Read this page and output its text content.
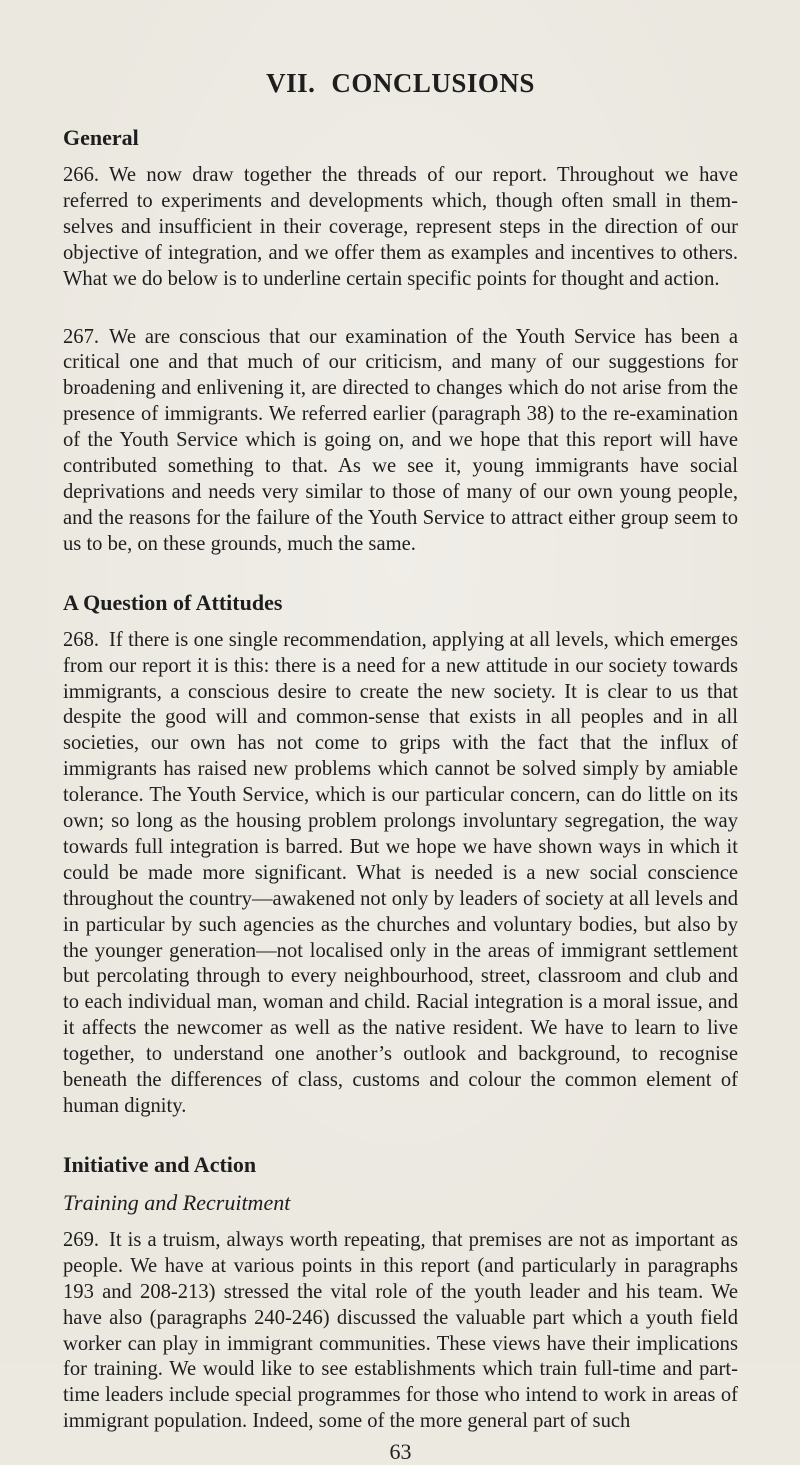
VII. CONCLUSIONS
General

266. We now draw together the threads of our report. Throughout we have referred to experiments and developments which, though often small in themselves and insufficient in their coverage, represent steps in the direction of our objective of integration, and we offer them as examples and incentives to others. What we do below is to underline certain specific points for thought and action.

267. We are conscious that our examination of the Youth Service has been a critical one and that much of our criticism, and many of our suggestions for broadening and enlivening it, are directed to changes which do not arise from the presence of immigrants. We referred earlier (paragraph 38) to the re-examination of the Youth Service which is going on, and we hope that this report will have contributed something to that. As we see it, young immigrants have social deprivations and needs very similar to those of many of our own young people, and the reasons for the failure of the Youth Service to attract either group seem to us to be, on these grounds, much the same.

A Question of Attitudes

268. If there is one single recommendation, applying at all levels, which emerges from our report it is this: there is a need for a new attitude in our society towards immigrants, a conscious desire to create the new society. It is clear to us that despite the good will and common-sense that exists in all peoples and in all societies, our own has not come to grips with the fact that the influx of immigrants has raised new problems which cannot be solved simply by amiable tolerance. The Youth Service, which is our particular concern, can do little on its own; so long as the housing problem prolongs involuntary segregation, the way towards full integration is barred. But we hope we have shown ways in which it could be made more significant. What is needed is a new social conscience throughout the country—awakened not only by leaders of society at all levels and in particular by such agencies as the churches and voluntary bodies, but also by the younger generation—not localised only in the areas of immigrant settlement but percolating through to every neighbourhood, street, classroom and club and to each individual man, woman and child. Racial integration is a moral issue, and it affects the newcomer as well as the native resident. We have to learn to live together, to understand one another’s outlook and background, to recognise beneath the differences of class, customs and colour the common element of human dignity.

Initiative and Action
Training and Recruitment

269. It is a truism, always worth repeating, that premises are not as important as people. We have at various points in this report (and particularly in paragraphs 193 and 208-213) stressed the vital role of the youth leader and his team. We have also (paragraphs 240-246) discussed the valuable part which a youth field worker can play in immigrant communities. These views have their implications for training. We would like to see establishments which train full-time and part-time leaders include special programmes for those who intend to work in areas of immigrant population. Indeed, some of the more general part of such

63
